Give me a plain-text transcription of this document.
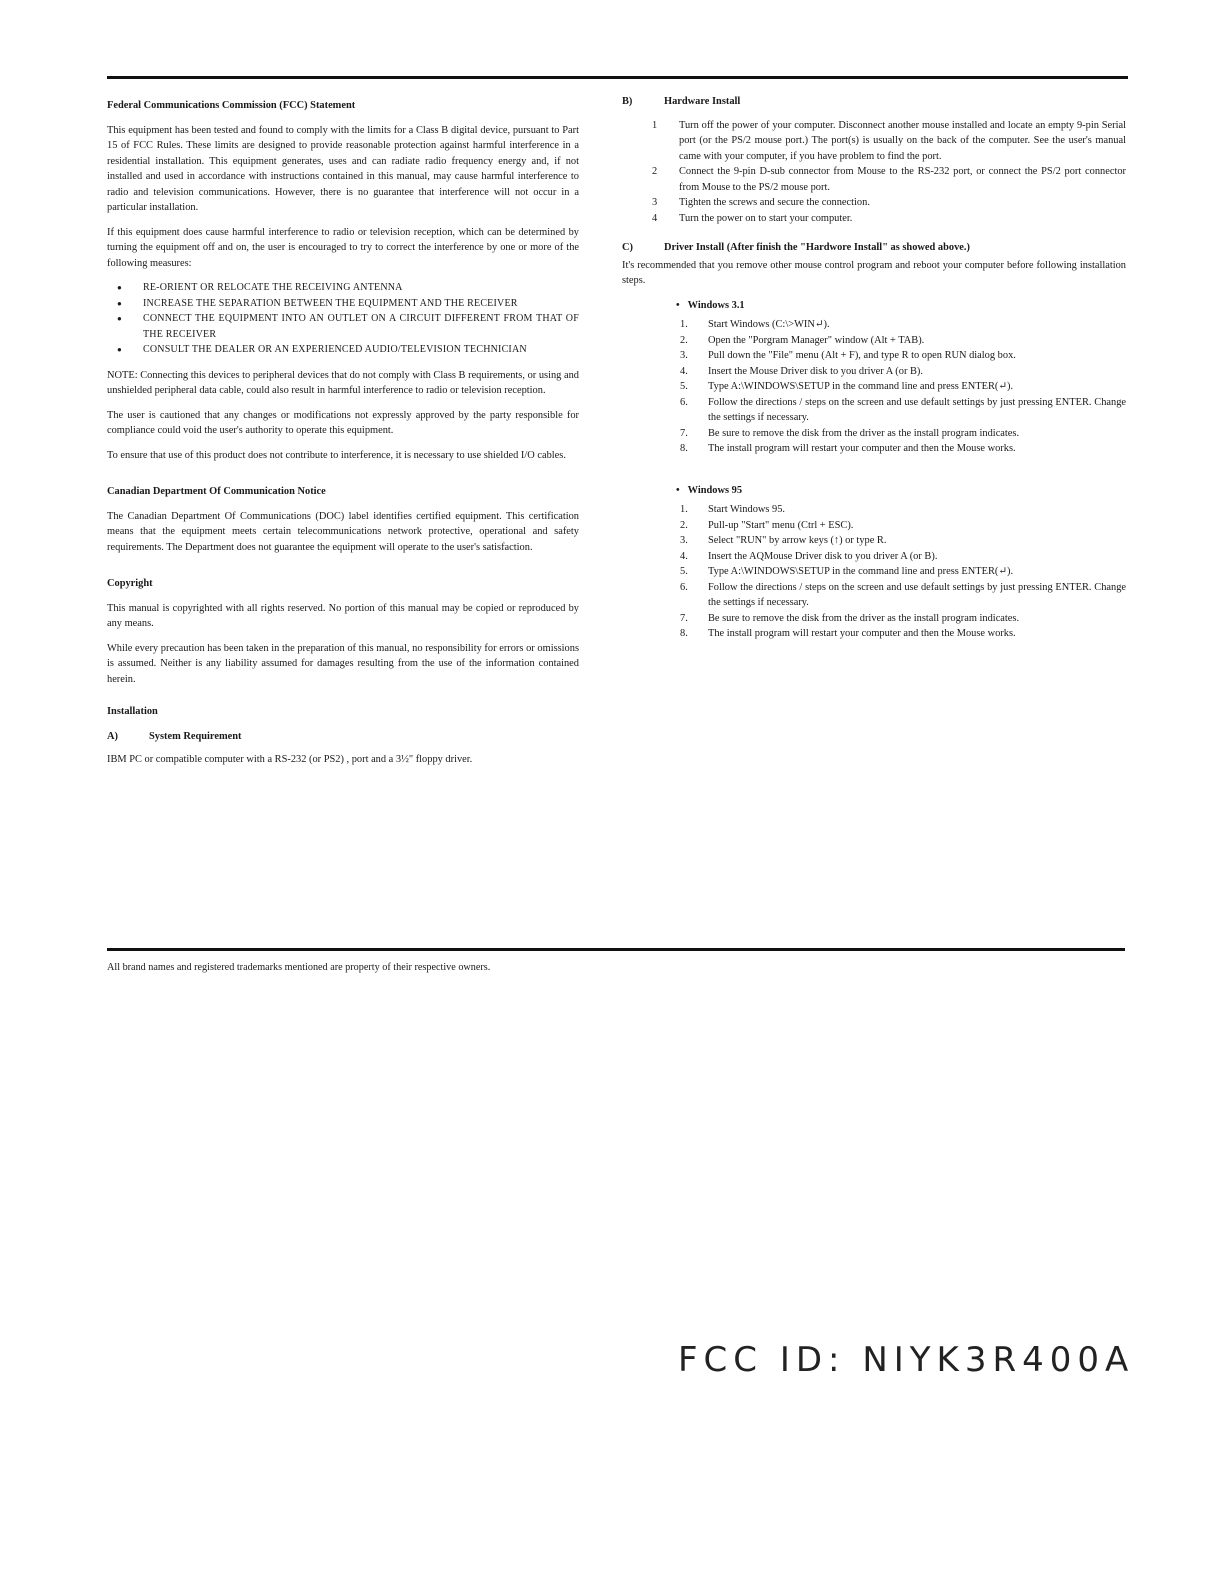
Federal Communications Commission (FCC) Statement

This equipment has been tested and found to comply with the limits for a Class B digital device, pursuant to Part 15 of FCC Rules. These limits are designed to provide reasonable protection against harmful interference in a residential installation. This equipment generates, uses and can radiate radio frequency energy and, if not installed and used in accordance with instructions contained in this manual, may cause harmful interference to radio and television communications. However, there is no guarantee that interference will not occur in a particular installation.

If this equipment does cause harmful interference to radio or television reception, which can be determined by turning the equipment off and on, the user is encouraged to try to correct the interference by one or more of the following measures:

● RE-ORIENT OR RELOCATE THE RECEIVING ANTENNA
● INCREASE THE SEPARATION BETWEEN THE EQUIPMENT AND THE RECEIVER
● CONNECT THE EQUIPMENT INTO AN OUTLET ON A CIRCUIT DIFFERENT FROM THAT OF THE RECEIVER
● CONSULT THE DEALER OR AN EXPERIENCED AUDIO/TELEVISION TECHNICIAN

NOTE: Connecting this devices to peripheral devices that do not comply with Class B requirements, or using and unshielded peripheral data cable, could also result in harmful interference to radio or television reception.

The user is cautioned that any changes or modifications not expressly approved by the party responsible for compliance could void the user's authority to operate this equipment.

To ensure that use of this product does not contribute to interference, it is necessary to use shielded I/O cables.

Canadian Department Of Communication Notice

The Canadian Department Of Communications (DOC) label identifies certified equipment. This certification means that the equipment meets certain telecommunications network protective, operational and safety requirements. The Department does not guarantee the equipment will operate to the user's satisfaction.

Copyright

This manual is copyrighted with all rights reserved. No portion of this manual may be copied or reproduced by any means.

While every precaution has been taken in the preparation of this manual, no responsibility for errors or omissions is assumed. Neither is any liability assumed for damages resulting from the use of the information contained herein.

Installation
A)	System Requirement

IBM PC or compatible computer with a RS-232 (or PS2) , port and a 3½" floppy driver.

B)	Hardware Install
1	Turn off the power of your computer. Disconnect another mouse installed and locate an empty 9-pin Serial port (or the PS/2 mouse port.) The port(s) is usually on the back of the computer. See the user's manual came with your computer, if you have problem to find the port.
2	Connect the 9-pin D-sub connector from Mouse to the RS-232 port, or connect the PS/2 port connector from Mouse to the PS/2 mouse port.
3	Tighten the screws and secure the connection.
4	Turn the power on to start your computer.
C)	Driver Install (After finish the "Hardwore Install" as showed above.)

It's recommended that you remove other mouse control program and reboot your computer before following installation steps.

• Windows 3.1
1.	Start Windows (C:\>WIN↵).
2.	Open the "Porgram Manager" window (Alt + TAB).
3.	Pull down the "File" menu (Alt + F), and type R to open RUN dialog box.
4.	Insert the Mouse Driver disk to you driver A (or B).
5.	Type A:\WINDOWS\SETUP in the command line and press ENTER(↵).
6.	Follow the directions / steps on the screen and use default settings by just pressing ENTER. Change the settings if necessary.
7.	Be sure to remove the disk from the driver as the install program indicates.
8.	The install program will restart your computer and then the Mouse works.
• Windows 95
1.	Start Windows 95.
2.	Pull-up "Start" menu (Ctrl + ESC).
3.	Select "RUN" by arrow keys (↑) or type R.
4.	Insert the AQMouse Driver disk to you driver A (or B).
5.	Type A:\WINDOWS\SETUP in the command line and press ENTER(↵).
6.	Follow the directions / steps on the screen and use default settings by just pressing ENTER. Change the settings if necessary.
7.	Be sure to remove the disk from the driver as the install program indicates.
8.	The install program will restart your computer and then the Mouse works.
All brand names and registered trademarks mentioned are property of their respective owners.
FCC ID: NIYK3R400A
